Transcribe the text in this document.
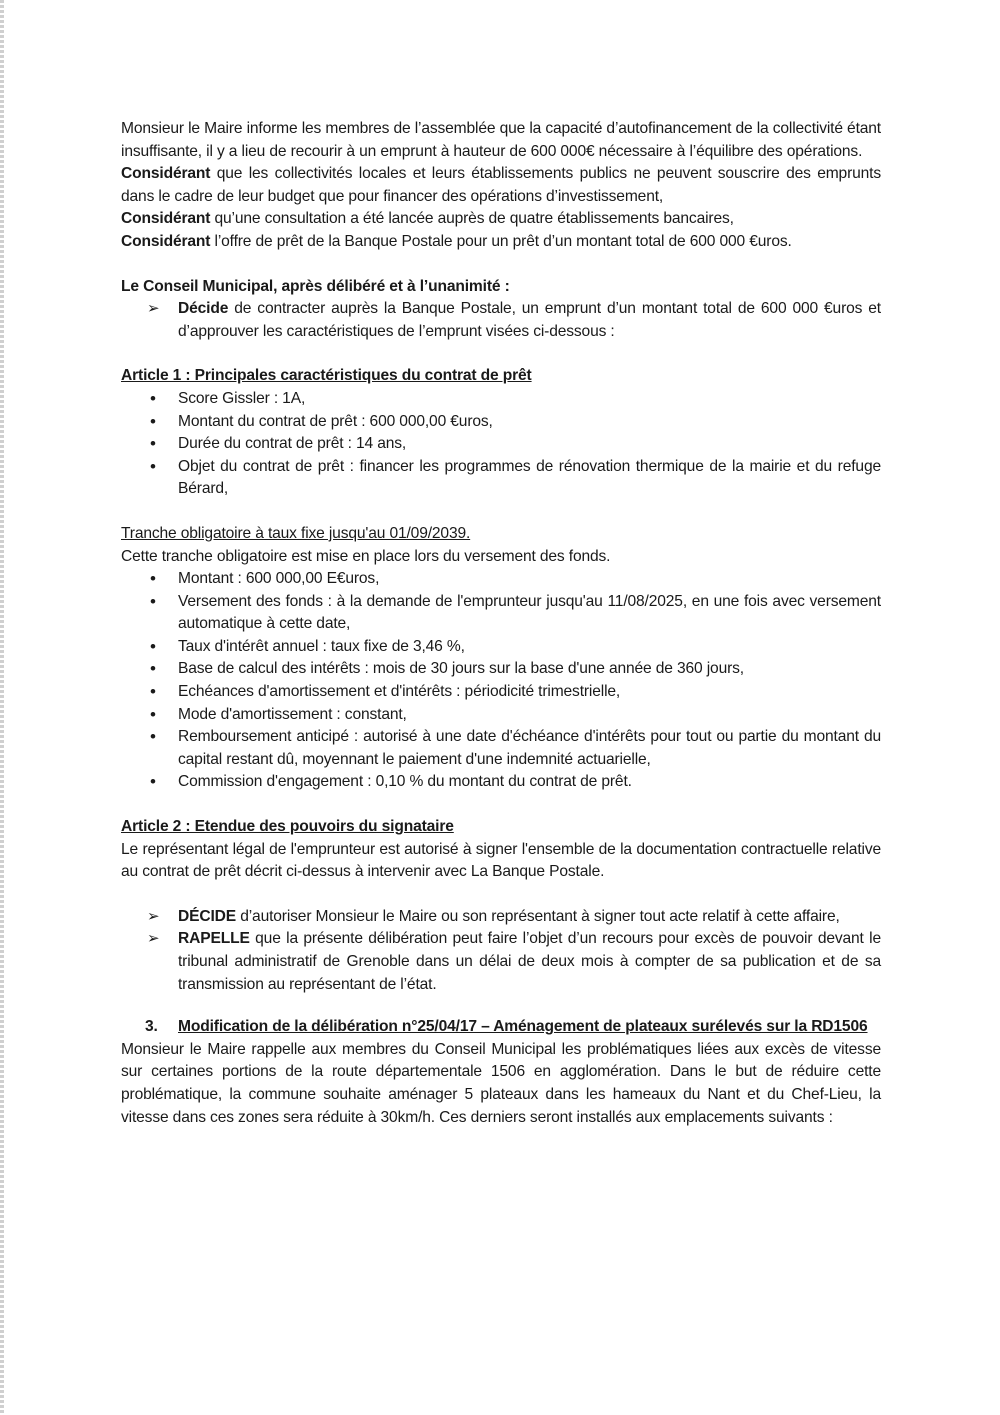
Monsieur le Maire informe les membres de l’assemblée que la capacité d’autofinancement de la collectivité étant insuffisante, il y a lieu de recourir à un emprunt à hauteur de 600 000€ nécessaire à l’équilibre des opérations.

Considérant que les collectivités locales et leurs établissements publics ne peuvent souscrire des emprunts dans le cadre de leur budget que pour financer des opérations d’investissement,

Considérant qu’une consultation a été lancée auprès de quatre établissements bancaires,

Considérant l’offre de prêt de la Banque Postale pour un prêt d’un montant total de 600 000 €uros.

Le Conseil Municipal, après délibéré et à l’unanimité :

➢ Décide de contracter auprès la Banque Postale, un emprunt d’un montant total de 600 000 €uros et d’approuver les caractéristiques de l’emprunt visées ci-dessous :

Article 1 : Principales caractéristiques du contrat de prêt

• Score Gissler : 1A,
• Montant du contrat de prêt : 600 000,00 €uros,
• Durée du contrat de prêt : 14 ans,
• Objet du contrat de prêt : financer les programmes de rénovation thermique de la mairie et du refuge Bérard,

Tranche obligatoire à taux fixe jusqu'au 01/09/2039.

Cette tranche obligatoire est mise en place lors du versement des fonds.

• Montant : 600 000,00 E€uros,
• Versement des fonds : à la demande de l'emprunteur jusqu'au 11/08/2025, en une fois avec versement automatique à cette date,
• Taux d'intérêt annuel : taux fixe de 3,46 %,
• Base de calcul des intérêts : mois de 30 jours sur la base d'une année de 360 jours,
• Echéances d'amortissement et d'intérêts : périodicité trimestrielle,
• Mode d'amortissement : constant,
• Remboursement anticipé : autorisé à une date d'échéance d'intérêts pour tout ou partie du montant du capital restant dû, moyennant le paiement d'une indemnité actuarielle,
• Commission d'engagement : 0,10 % du montant du contrat de prêt.

Article 2 : Etendue des pouvoirs du signataire

Le représentant légal de l'emprunteur est autorisé à signer l'ensemble de la documentation contractuelle relative au contrat de prêt décrit ci-dessus à intervenir avec La Banque Postale.

➢ DÉCIDE d’autoriser Monsieur le Maire ou son représentant à signer tout acte relatif à cette affaire,
➢ RAPELLE que la présente délibération peut faire l’objet d’un recours pour excès de pouvoir devant le tribunal administratif de Grenoble dans un délai de deux mois à compter de sa publication et de sa transmission au représentant de l’état.
3. Modification de la délibération n°25/04/17 – Aménagement de plateaux surélevés sur la RD1506

Monsieur le Maire rappelle aux membres du Conseil Municipal les problématiques liées aux excès de vitesse sur certaines portions de la route départementale 1506 en agglomération. Dans le but de réduire cette problématique, la commune souhaite aménager 5 plateaux dans les hameaux du Nant et du Chef-Lieu, la vitesse dans ces zones sera réduite à 30km/h. Ces derniers seront installés aux emplacements suivants :
